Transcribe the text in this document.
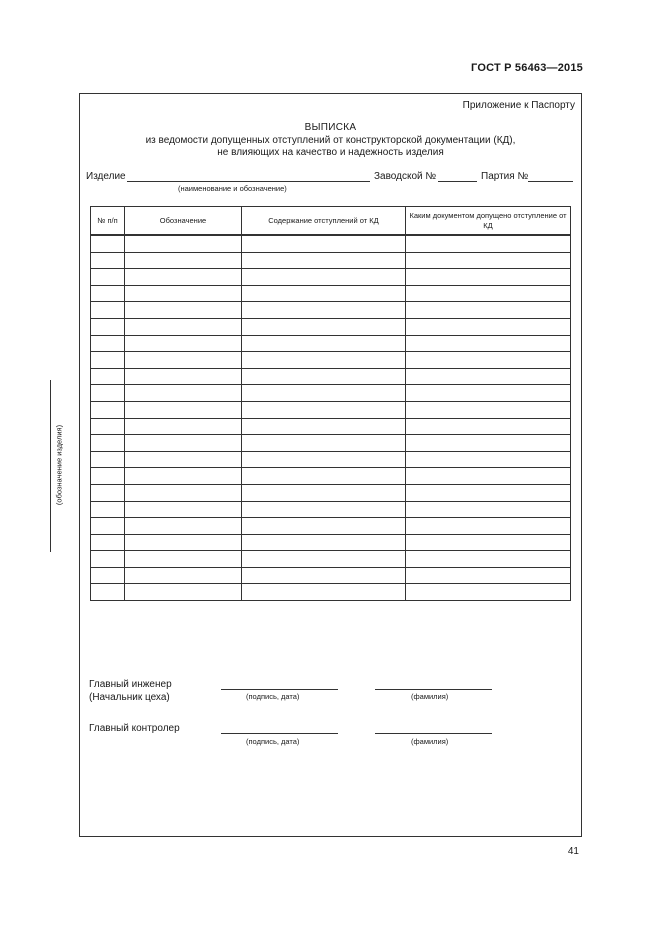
ГОСТ Р 56463—2015
Приложение к Паспорту
ВЫПИСКА
из ведомости допущенных отступлений от конструкторской документации (КД),
не влияющих на качество и надежность изделия
Изделие	Заводской №	Партия №
(наименование и обозначение)
№ п/п	Обозначение	Содержание отступлений от КД	Каким документом допущено отступление от КД

Главный инженер
(Начальник цеха)	(подпись, дата)	(фамилия)
Главный контролер
(подпись, дата)	(фамилия)
(обозначение изделия)
41
